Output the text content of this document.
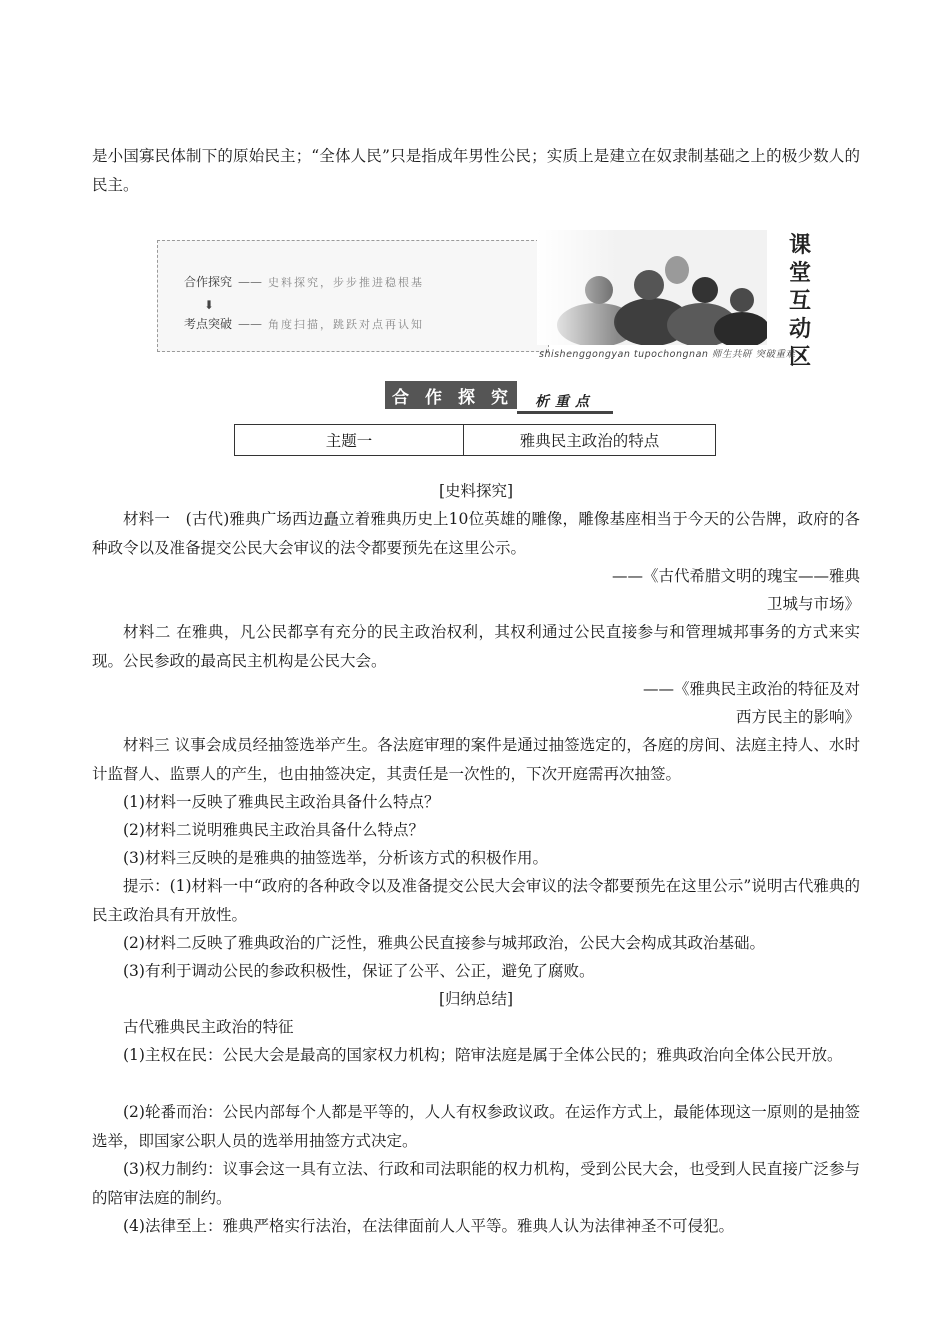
是小国寡民体制下的原始民主；“全体人民”只是指成年男性公民；实质上是建立在奴隶制基础之上的极少数人的民主。

合作探究 —— 史料探究，步步推进稳根基
⬇
考点突破 —— 角度扫描，跳跃对点再认知
课
堂
互
动
区
shishenggongyan tupochongnan 师生共研 突破重难
合 作 探 究	析重点
主题一	雅典民主政治的特点

[史料探究]

材料一　(古代)雅典广场西边矗立着雅典历史上10位英雄的雕像，雕像基座相当于今天的公告牌，政府的各种政令以及准备提交公民大会审议的法令都要预先在这里公示。

——《古代希腊文明的瑰宝——雅典

卫城与市场》

材料二 在雅典，凡公民都享有充分的民主政治权利，其权利通过公民直接参与和管理城邦事务的方式来实现。公民参政的最高民主机构是公民大会。

——《雅典民主政治的特征及对

西方民主的影响》

材料三 议事会成员经抽签选举产生。各法庭审理的案件是通过抽签选定的，各庭的房间、法庭主持人、水时计监督人、监票人的产生，也由抽签决定，其责任是一次性的，下次开庭需再次抽签。

(1)材料一反映了雅典民主政治具备什么特点？

(2)材料二说明雅典民主政治具备什么特点？

(3)材料三反映的是雅典的抽签选举，分析该方式的积极作用。

提示：(1)材料一中“政府的各种政令以及准备提交公民大会审议的法令都要预先在这里公示”说明古代雅典的民主政治具有开放性。

(2)材料二反映了雅典政治的广泛性，雅典公民直接参与城邦政治，公民大会构成其政治基础。

(3)有利于调动公民的参政积极性，保证了公平、公正，避免了腐败。

[归纳总结]

古代雅典民主政治的特征

(1)主权在民：公民大会是最高的国家权力机构；陪审法庭是属于全体公民的；雅典政治向全体公民开放。

(2)轮番而治：公民内部每个人都是平等的，人人有权参政议政。在运作方式上，最能体现这一原则的是抽签选举，即国家公职人员的选举用抽签方式决定。

(3)权力制约：议事会这一具有立法、行政和司法职能的权力机构，受到公民大会，也受到人民直接广泛参与的陪审法庭的制约。

(4)法律至上：雅典严格实行法治，在法律面前人人平等。雅典人认为法律神圣不可侵犯。
